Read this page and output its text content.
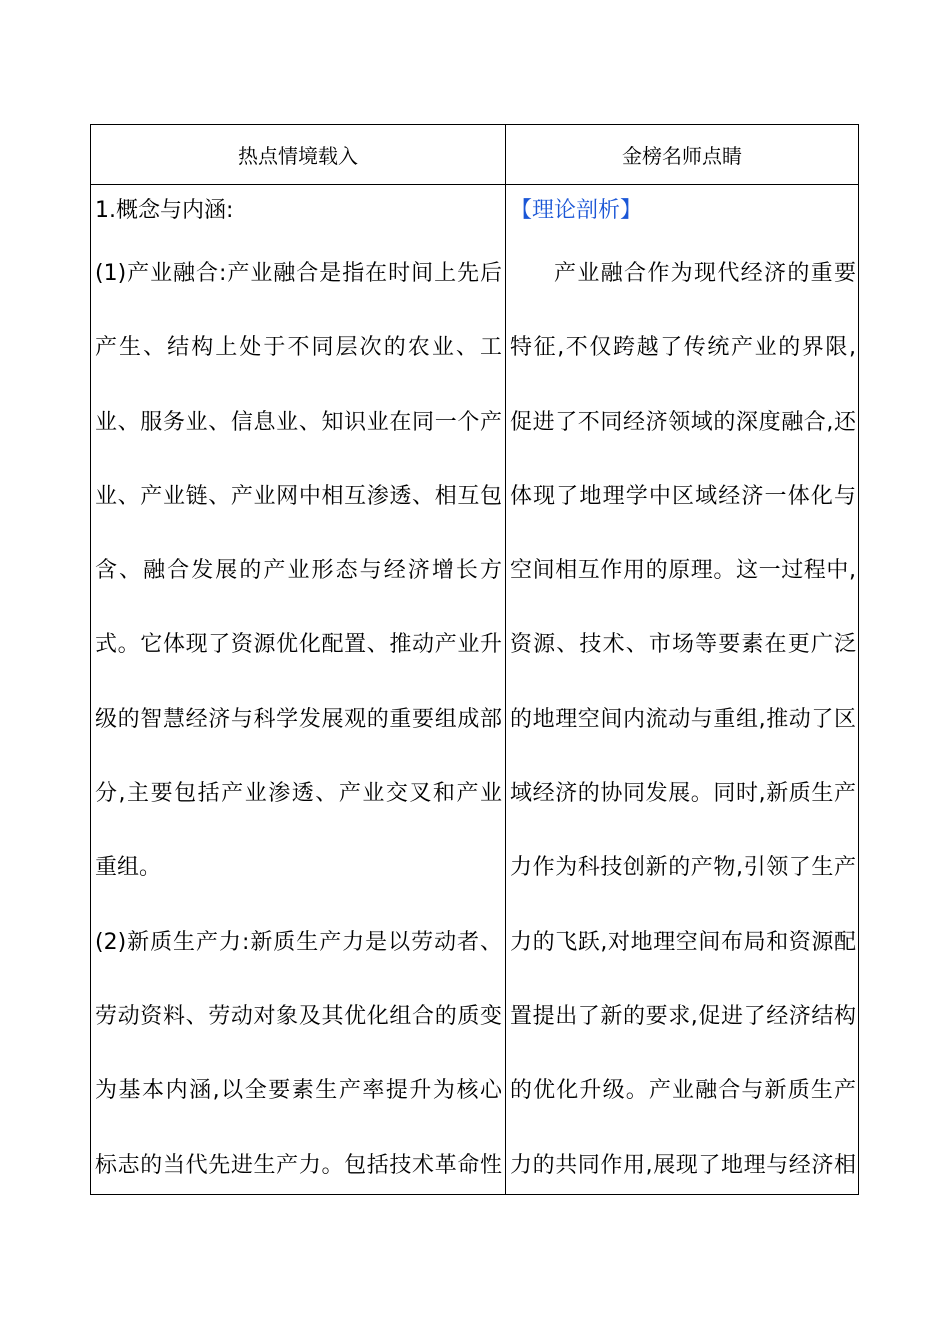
热点情境载入	金榜名师点睛
1.概念与内涵:
(1)产业融合:产业融合是指在时间上先后
产生、结构上处于不同层次的农业、工
业、服务业、信息业、知识业在同一个产
业、产业链、产业网中相互渗透、相互包
含、融合发展的产业形态与经济增长方
式。它体现了资源优化配置、推动产业升
级的智慧经济与科学发展观的重要组成部
分,主要包括产业渗透、产业交叉和产业
重组。
(2)新质生产力:新质生产力是以劳动者、
劳动资料、劳动对象及其优化组合的质变
为基本内涵,以全要素生产率提升为核心
标志的当代先进生产力。包括技术革命性
【理论剖析】
产业融合作为现代经济的重要
特征,不仅跨越了传统产业的界限,
促进了不同经济领域的深度融合,还
体现了地理学中区域经济一体化与
空间相互作用的原理。这一过程中,
资源、技术、市场等要素在更广泛
的地理空间内流动与重组,推动了区
域经济的协同发展。同时,新质生产
力作为科技创新的产物,引领了生产
力的飞跃,对地理空间布局和资源配
置提出了新的要求,促进了经济结构
的优化升级。产业融合与新质生产
力的共同作用,展现了地理与经济相
